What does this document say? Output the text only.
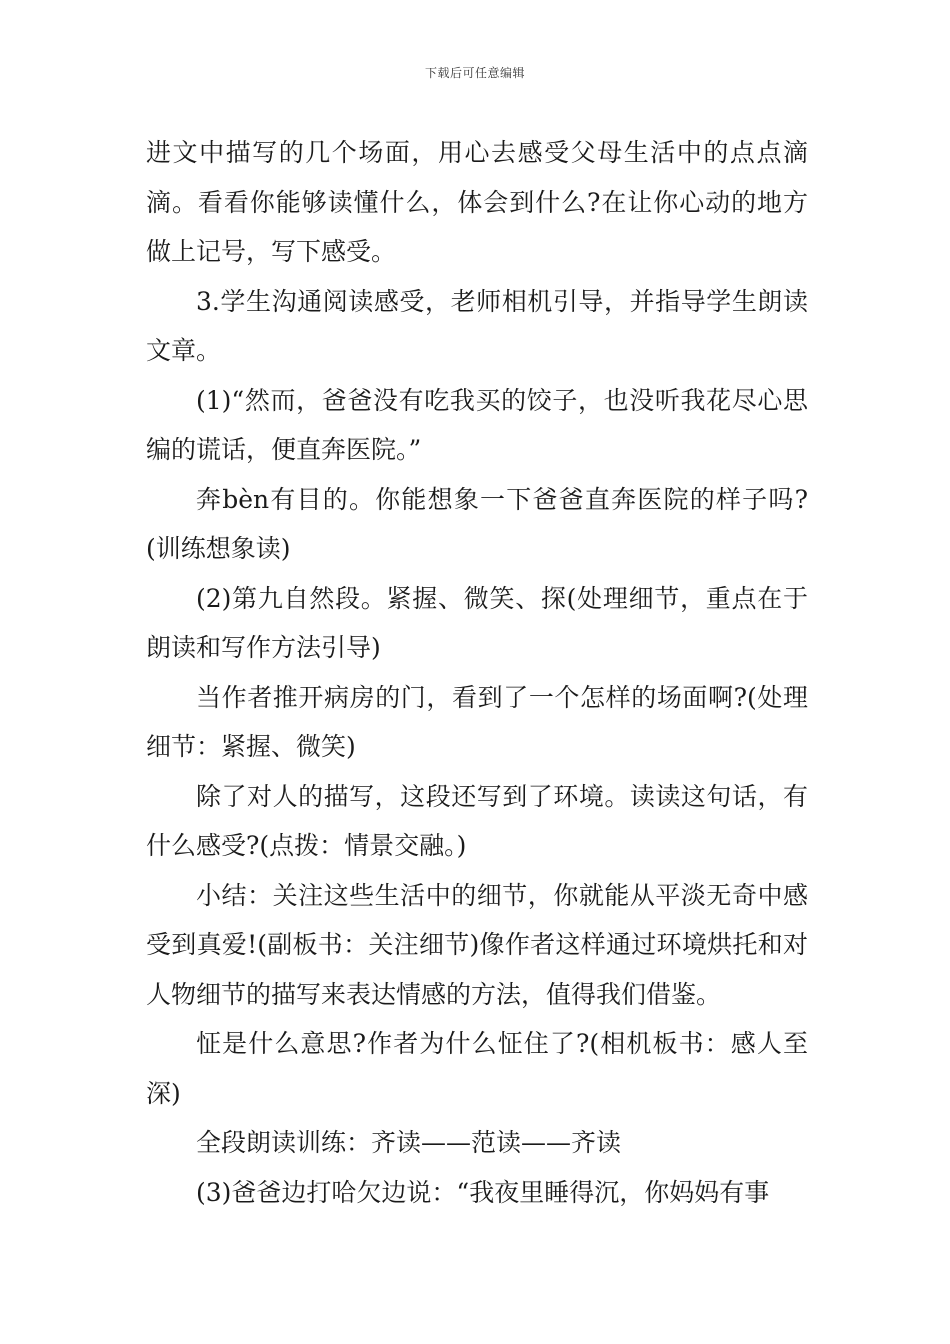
下载后可任意编辑

进文中描写的几个场面，用心去感受父母生活中的点点滴滴。看看你能够读懂什么，体会到什么?在让你心动的地方做上记号，写下感受。

3.学生沟通阅读感受，老师相机引导，并指导学生朗读文章。

(1)“然而，爸爸没有吃我买的饺子，也没听我花尽心思编的谎话，便直奔医院。”

奔bèn有目的。你能想象一下爸爸直奔医院的样子吗?(训练想象读)

(2)第九自然段。紧握、微笑、探(处理细节，重点在于朗读和写作方法引导)

当作者推开病房的门，看到了一个怎样的场面啊?(处理细节：紧握、微笑)

除了对人的描写，这段还写到了环境。读读这句话，有什么感受?(点拨：情景交融。)

小结：关注这些生活中的细节，你就能从平淡无奇中感受到真爱!(副板书：关注细节)像作者这样通过环境烘托和对人物细节的描写来表达情感的方法，值得我们借鉴。

怔是什么意思?作者为什么怔住了?(相机板书：感人至深)

全段朗读训练：齐读——范读——齐读

(3)爸爸边打哈欠边说：“我夜里睡得沉，你妈妈有事
